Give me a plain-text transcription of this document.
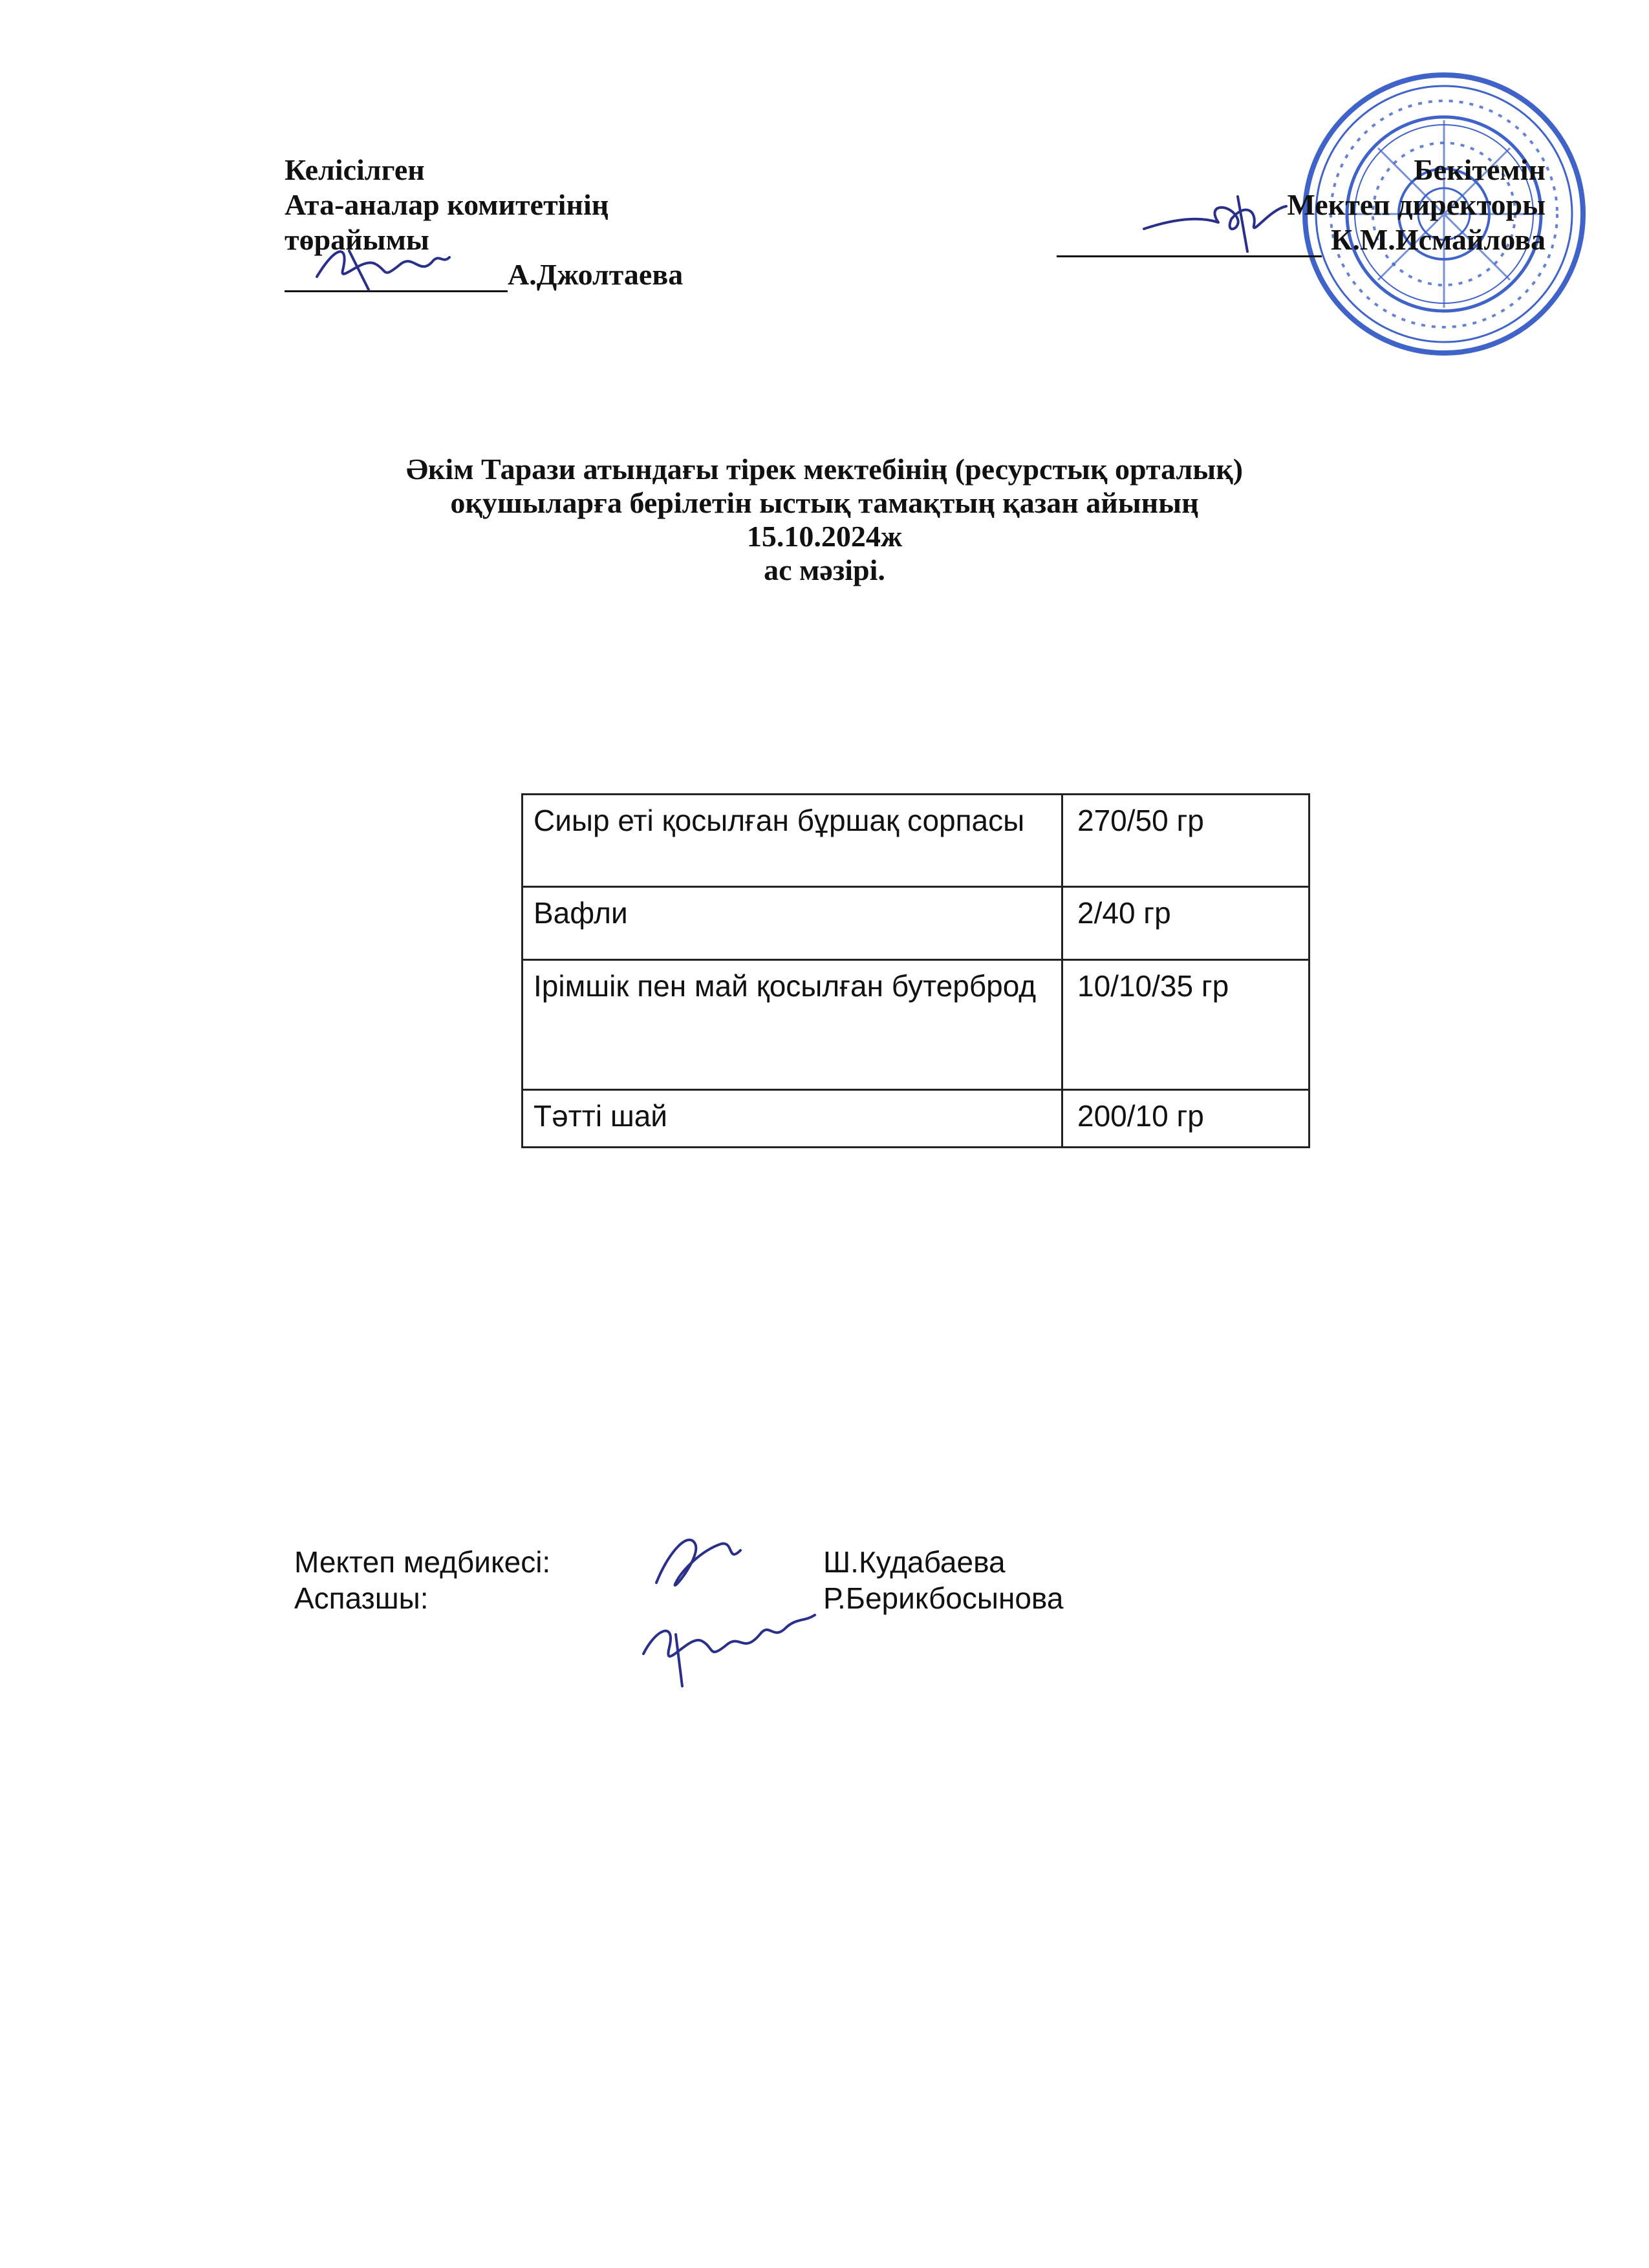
Келісілген
Ата-аналар комитетінің
төрайымы
А.Джолтаева
Бекітемін
Мектеп директоры
К.М.Исмайлова
Әкім Тарази атындағы тірек мектебінің (ресурстық орталық)
оқушыларға берілетін ыстық тамақтың қазан айының
15.10.2024ж
ас мәзірі.
Сиыр еті қосылған бұршақ сорпасы	270/50 гр
Вафли	2/40 гр
Ірімшік пен май қосылған бутерброд	10/10/35 гр
Тәтті шай	200/10 гр
Мектеп медбикесі:	Ш.Кудабаева
Аспазшы:	Р.Берикбосынова
